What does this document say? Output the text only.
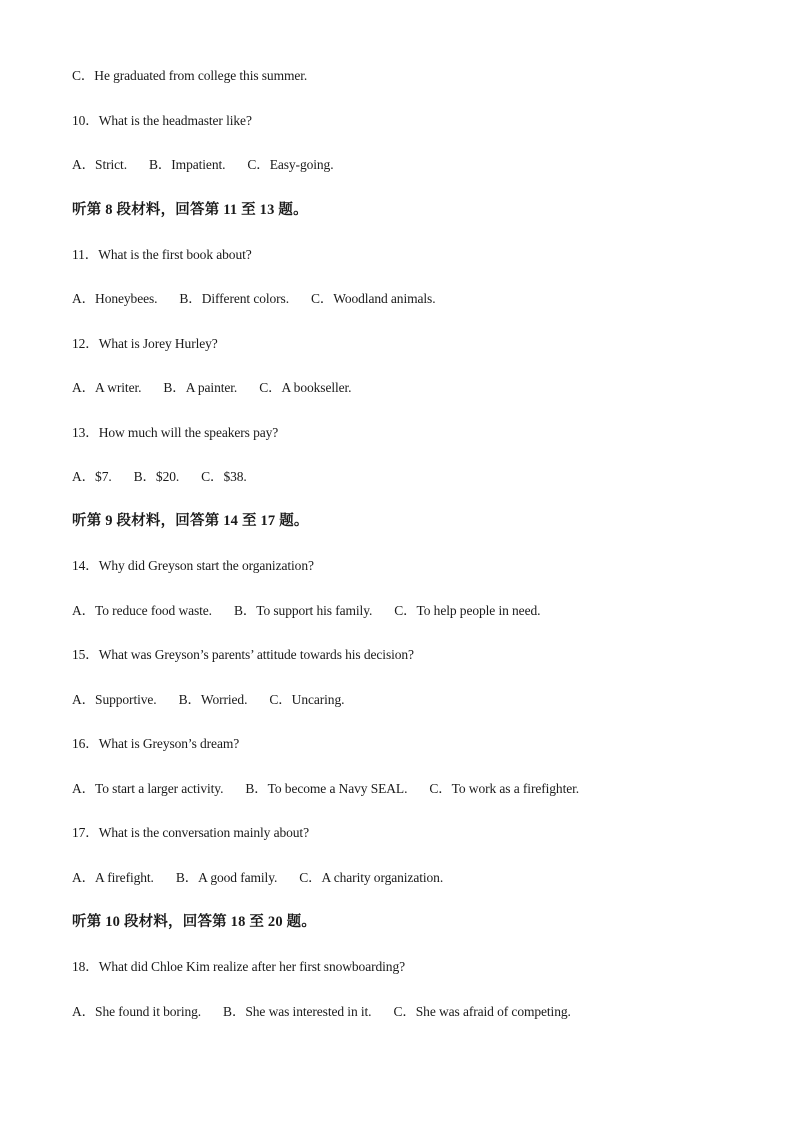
C．He graduated from college this summer.
10．What is the headmaster like?
A．Strict. B．Impatient. C．Easy-going.
听第 8 段材料，回答第 11 至 13 题。
11．What is the first book about?
A．Honeybees. B．Different colors. C．Woodland animals.
12．What is Jorey Hurley?
A．A writer. B．A painter. C．A bookseller.
13．How much will the speakers pay?
A．$7. B．$20. C．$38.
听第 9 段材料，回答第 14 至 17 题。
14．Why did Greyson start the organization?
A．To reduce food waste. B．To support his family. C．To help people in need.
15．What was Greyson’s parents’ attitude towards his decision?
A．Supportive. B．Worried. C．Uncaring.
16．What is Greyson’s dream?
A．To start a larger activity. B．To become a Navy SEAL. C．To work as a firefighter.
17．What is the conversation mainly about?
A．A firefight. B．A good family. C．A charity organization.
听第 10 段材料，回答第 18 至 20 题。
18．What did Chloe Kim realize after her first snowboarding?
A．She found it boring. B．She was interested in it. C．She was afraid of competing.
